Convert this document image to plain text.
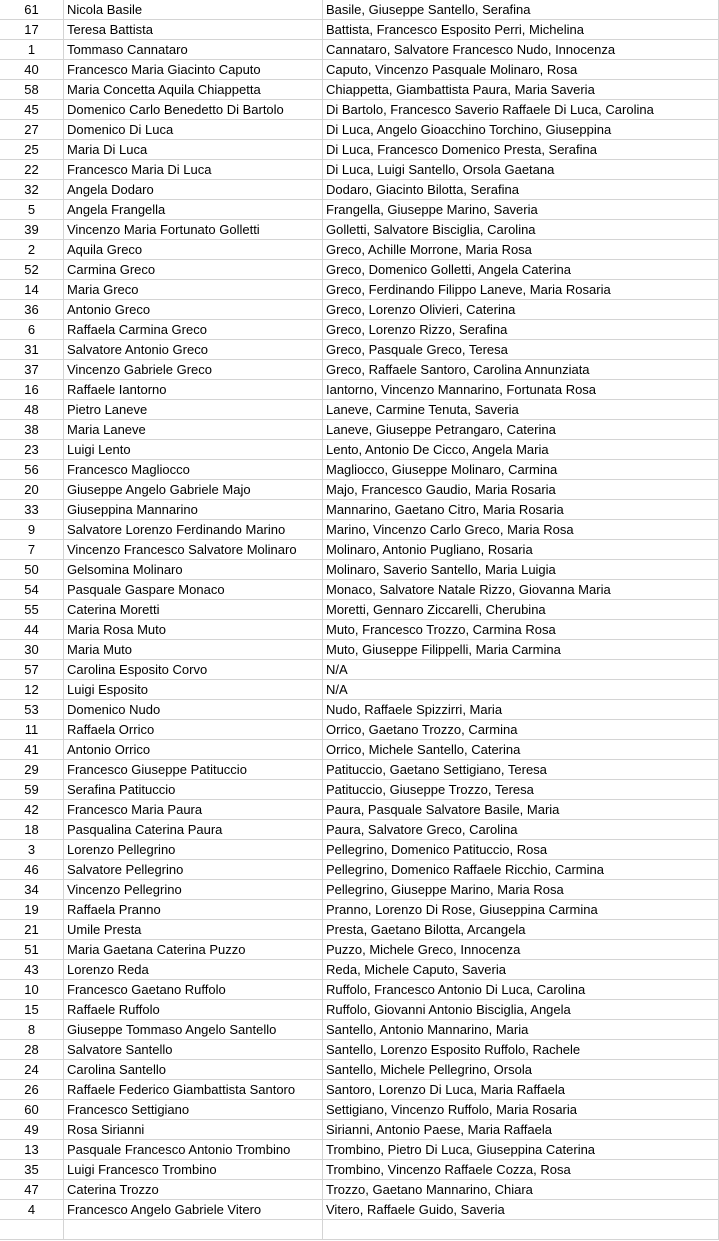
61	Nicola Basile	Basile, Giuseppe Santello, Serafina
17	Teresa Battista	Battista, Francesco Esposito Perri, Michelina
1	Tommaso Cannataro	Cannataro, Salvatore Francesco Nudo, Innocenza
40	Francesco Maria Giacinto Caputo	Caputo, Vincenzo Pasquale Molinaro, Rosa
58	Maria Concetta Aquila Chiappetta	Chiappetta, Giambattista Paura, Maria Saveria
45	Domenico Carlo Benedetto Di Bartolo	Di Bartolo, Francesco Saverio Raffaele Di Luca, Carolina
27	Domenico Di Luca	Di Luca, Angelo Gioacchino Torchino, Giuseppina
25	Maria Di Luca	Di Luca, Francesco Domenico Presta, Serafina
22	Francesco Maria Di Luca	Di Luca, Luigi Santello, Orsola Gaetana
32	Angela Dodaro	Dodaro, Giacinto Bilotta, Serafina
5	Angela Frangella	Frangella, Giuseppe Marino, Saveria
39	Vincenzo Maria Fortunato Golletti	Golletti, Salvatore Bisciglia, Carolina
2	Aquila Greco	Greco, Achille Morrone, Maria Rosa
52	Carmina Greco	Greco, Domenico Golletti, Angela Caterina
14	Maria Greco	Greco, Ferdinando Filippo Laneve, Maria Rosaria
36	Antonio Greco	Greco, Lorenzo Olivieri, Caterina
6	Raffaela Carmina Greco	Greco, Lorenzo Rizzo, Serafina
31	Salvatore Antonio Greco	Greco, Pasquale Greco, Teresa
37	Vincenzo Gabriele Greco	Greco, Raffaele Santoro, Carolina Annunziata
16	Raffaele Iantorno	Iantorno, Vincenzo Mannarino, Fortunata Rosa
48	Pietro Laneve	Laneve, Carmine Tenuta, Saveria
38	Maria Laneve	Laneve, Giuseppe Petrangaro, Caterina
23	Luigi Lento	Lento, Antonio De Cicco, Angela Maria
56	Francesco Magliocco	Magliocco, Giuseppe Molinaro, Carmina
20	Giuseppe Angelo Gabriele Majo	Majo, Francesco Gaudio, Maria Rosaria
33	Giuseppina Mannarino	Mannarino, Gaetano Citro, Maria Rosaria
9	Salvatore Lorenzo Ferdinando Marino	Marino, Vincenzo Carlo Greco, Maria Rosa
7	Vincenzo Francesco Salvatore Molinaro	Molinaro, Antonio Pugliano, Rosaria
50	Gelsomina Molinaro	Molinaro, Saverio Santello, Maria Luigia
54	Pasquale Gaspare Monaco	Monaco, Salvatore Natale Rizzo, Giovanna Maria
55	Caterina Moretti	Moretti, Gennaro Ziccarelli, Cherubina
44	Maria Rosa Muto	Muto, Francesco Trozzo, Carmina Rosa
30	Maria Muto	Muto, Giuseppe Filippelli, Maria Carmina
57	Carolina Esposito Corvo	N/A
12	Luigi Esposito	N/A
53	Domenico Nudo	Nudo, Raffaele Spizzirri, Maria
11	Raffaela Orrico	Orrico, Gaetano Trozzo, Carmina
41	Antonio Orrico	Orrico, Michele Santello, Caterina
29	Francesco Giuseppe Patituccio	Patituccio, Gaetano Settigiano, Teresa
59	Serafina Patituccio	Patituccio, Giuseppe Trozzo, Teresa
42	Francesco Maria Paura	Paura, Pasquale Salvatore Basile, Maria
18	Pasqualina Caterina Paura	Paura, Salvatore Greco, Carolina
3	Lorenzo Pellegrino	Pellegrino, Domenico Patituccio, Rosa
46	Salvatore Pellegrino	Pellegrino, Domenico Raffaele Ricchio, Carmina
34	Vincenzo Pellegrino	Pellegrino, Giuseppe Marino, Maria Rosa
19	Raffaela Pranno	Pranno, Lorenzo Di Rose, Giuseppina Carmina
21	Umile Presta	Presta, Gaetano Bilotta, Arcangela
51	Maria Gaetana Caterina Puzzo	Puzzo, Michele Greco, Innocenza
43	Lorenzo Reda	Reda, Michele Caputo, Saveria
10	Francesco Gaetano Ruffolo	Ruffolo, Francesco Antonio Di Luca, Carolina
15	Raffaele Ruffolo	Ruffolo, Giovanni Antonio Bisciglia, Angela
8	Giuseppe Tommaso Angelo Santello	Santello, Antonio Mannarino, Maria
28	Salvatore Santello	Santello, Lorenzo Esposito Ruffolo, Rachele
24	Carolina Santello	Santello, Michele Pellegrino, Orsola
26	Raffaele Federico Giambattista Santoro	Santoro, Lorenzo Di Luca, Maria Raffaela
60	Francesco Settigiano	Settigiano, Vincenzo Ruffolo, Maria Rosaria
49	Rosa Sirianni	Sirianni, Antonio Paese, Maria Raffaela
13	Pasquale Francesco Antonio Trombino	Trombino, Pietro Di Luca, Giuseppina Caterina
35	Luigi Francesco Trombino	Trombino, Vincenzo Raffaele Cozza, Rosa
47	Caterina Trozzo	Trozzo, Gaetano Mannarino, Chiara
4	Francesco Angelo Gabriele Vitero	Vitero, Raffaele Guido, Saveria
